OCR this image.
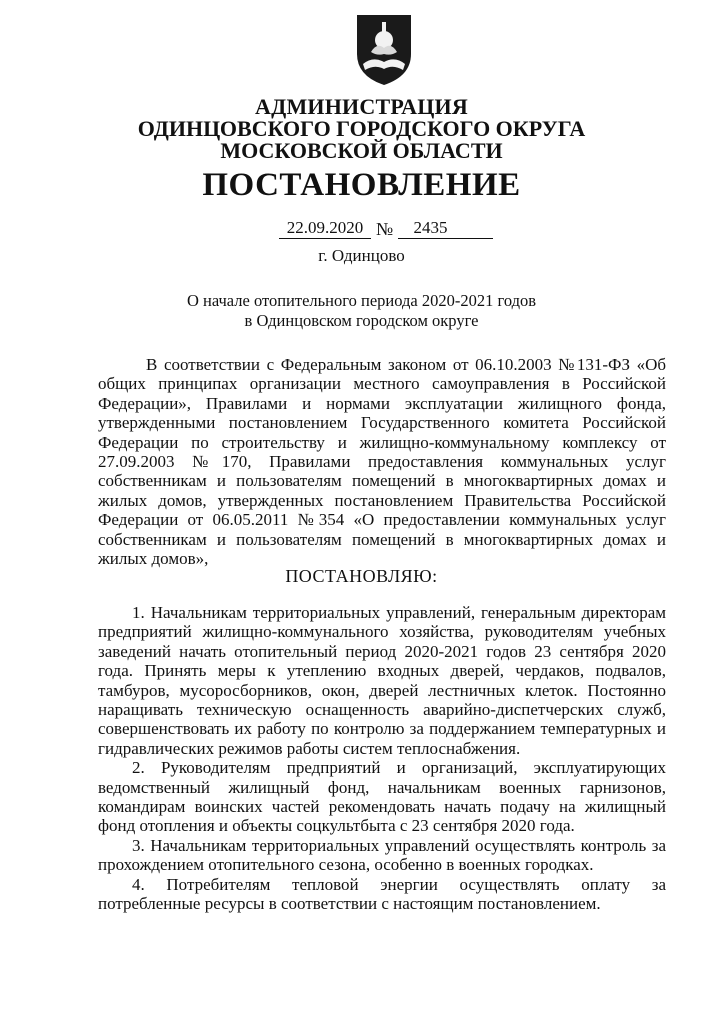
АДМИНИСТРАЦИЯ
ОДИНЦОВСКОГО ГОРОДСКОГО ОКРУГА
МОСКОВСКОЙ ОБЛАСТИ
ПОСТАНОВЛЕНИЕ
22.09.2020 №	2435
г. Одинцово
О начале отопительного периода 2020-2021 годов
в Одинцовском городском округе

В соответствии с Федеральным законом от 06.10.2003 №131-ФЗ «Об общих принципах организации местного самоуправления в Российской Федерации», Правилами и нормами эксплуатации жилищного фонда, утвержденными постановлением Государственного комитета Российской Федерации по строительству и жилищно-коммунальному комплексу от 27.09.2003 №170, Правилами предоставления коммунальных услуг собственникам и пользователям помещений в многоквартирных домах и жилых домов, утвержденных постановлением Правительства Российской Федерации от 06.05.2011 №354 «О предоставлении коммунальных услуг собственникам и пользователям помещений в многоквартирных домах и жилых домов»,

ПОСТАНОВЛЯЮ:

1. Начальникам территориальных управлений, генеральным директорам предприятий жилищно-коммунального хозяйства, руководителям учебных заведений начать отопительный период 2020-2021 годов 23 сентября 2020 года. Принять меры к утеплению входных дверей, чердаков, подвалов, тамбуров, мусоросборников, окон, дверей лестничных клеток. Постоянно наращивать техническую оснащенность аварийно-диспетчерских служб, совершенствовать их работу по контролю за поддержанием температурных и гидравлических режимов работы систем теплоснабжения.

2. Руководителям предприятий и организаций, эксплуатирующих ведомственный жилищный фонд, начальникам военных гарнизонов, командирам воинских частей рекомендовать начать подачу на жилищный фонд отопления и объекты соцкультбыта с 23 сентября 2020 года.

3. Начальникам территориальных управлений осуществлять контроль за прохождением отопительного сезона, особенно в военных городках.

4. Потребителям тепловой энергии осуществлять оплату за потребленные ресурсы в соответствии с настоящим постановлением.
